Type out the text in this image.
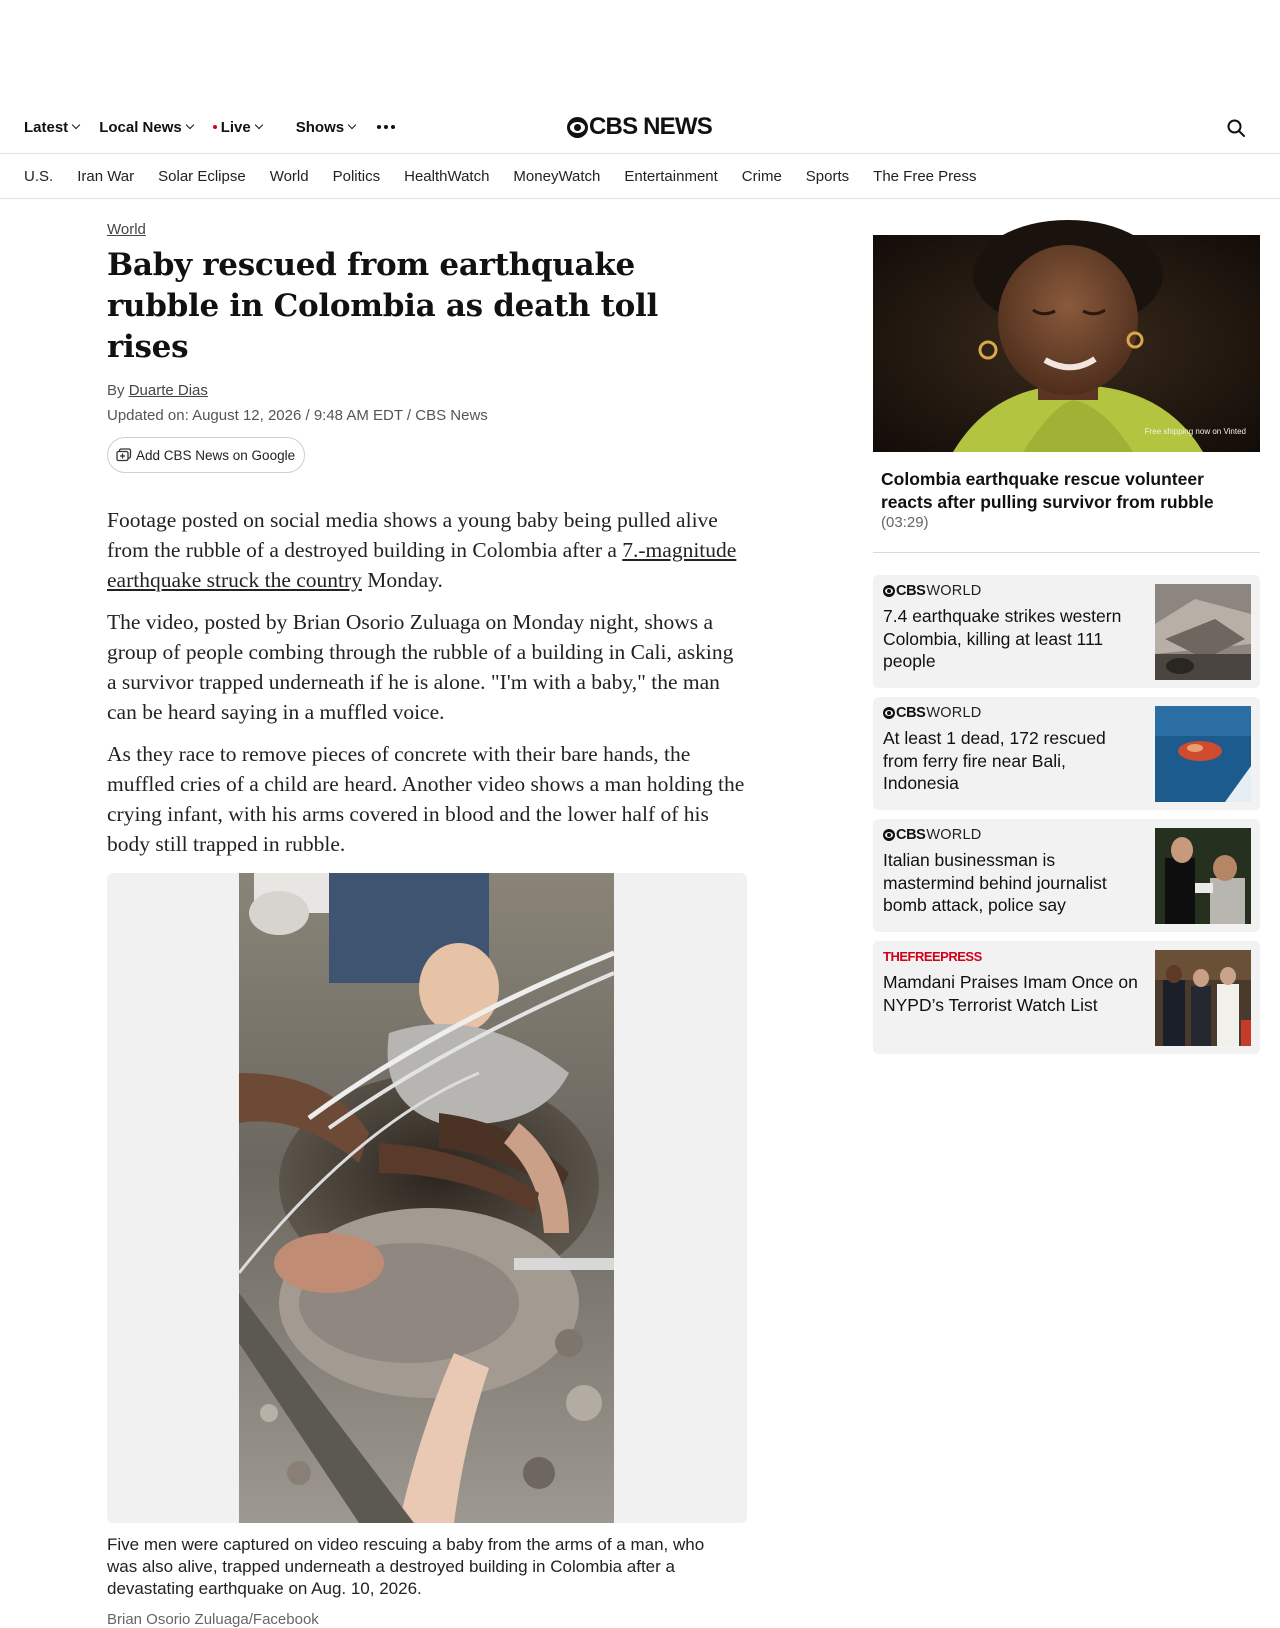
Latest Local News	Live	Shows	CBS NEWS
U.S. Iran War Solar Eclipse World Politics HealthWatch MoneyWatch Entertainment Crime Sports The Free Press
World
Baby rescued from earthquake rubble in Colombia as death toll rises
By Duarte Dias
Updated on: August 12, 2026 / 9:48 AM EDT / CBS News
Add CBS News on Google

Footage posted on social media shows a young baby being pulled alive from the rubble of a destroyed building in Colombia after a 7.-magnitude earthquake struck the country Monday.

The video, posted by Brian Osorio Zuluaga on Monday night, shows a group of people combing through the rubble of a building in Cali, asking a survivor trapped underneath if he is alone. "I'm with a baby," the man can be heard saying in a muffled voice.

As they race to remove pieces of concrete with their bare hands, the muffled cries of a child are heard. Another video shows a man holding the crying infant, with his arms covered in blood and the lower half of his body still trapped in rubble.

Five men were captured on video rescuing a baby from the arms of a man, who was also alive, trapped underneath a destroyed building in Colombia after a devastating earthquake on Aug. 10, 2026.
Brian Osorio Zuluaga/Facebook
Free shipping now on Vinted
Colombia earthquake rescue volunteer reacts after pulling survivor from rubble
(03:29)
CBS WORLD
7.4 earthquake strikes western Colombia, killing at least 111 people
CBS WORLD
At least 1 dead, 172 rescued from ferry fire near Bali, Indonesia
CBS WORLD
Italian businessman is mastermind behind journalist bomb attack, police say
THEFREEPRESS
Mamdani Praises Imam Once on NYPD’s Terrorist Watch List
